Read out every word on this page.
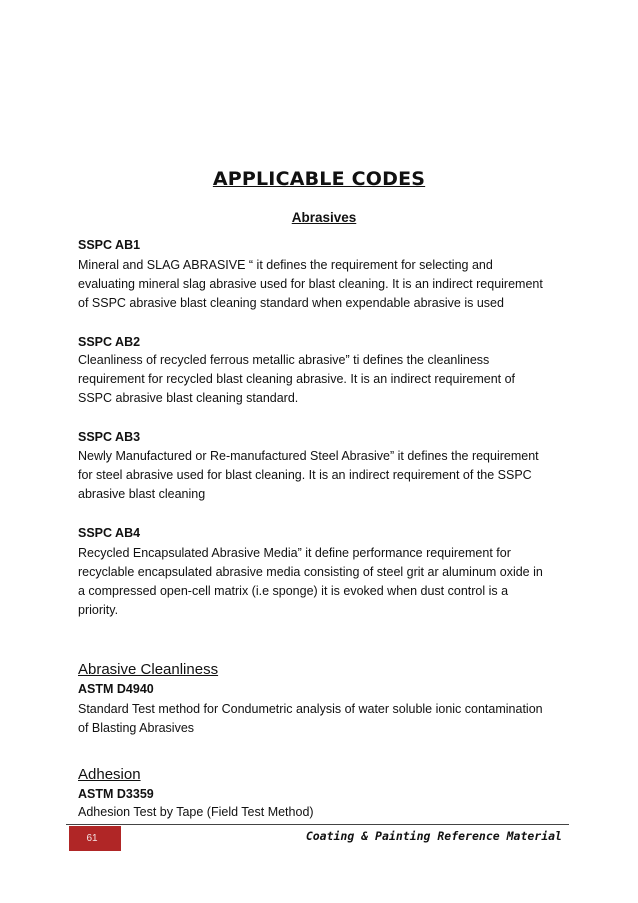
APPLICABLE CODES
Abrasives
SSPC AB1
Mineral and SLAG ABRASIVE “ it defines the requirement for selecting and
evaluating mineral slag abrasive used for blast cleaning. It is an indirect requirement
of SSPC abrasive blast cleaning standard when expendable abrasive is used
SSPC AB2
Cleanliness of recycled ferrous metallic abrasive” ti defines the cleanliness
requirement for recycled blast cleaning abrasive. It is an indirect requirement of
SSPC abrasive blast cleaning standard.
SSPC AB3
Newly Manufactured or Re-manufactured Steel Abrasive” it defines the requirement
for steel abrasive used for blast cleaning. It is an indirect requirement of the SSPC
abrasive blast cleaning
SSPC AB4
Recycled Encapsulated Abrasive Media” it define performance requirement for
recyclable encapsulated abrasive media consisting of steel grit ar aluminum oxide in
a compressed open-cell matrix (i.e sponge) it is evoked when dust control is a
priority.
Abrasive Cleanliness
ASTM D4940
Standard Test method for Condumetric analysis of water soluble ionic contamination
of Blasting Abrasives
Adhesion
ASTM D3359
Adhesion Test by Tape (Field Test Method)
61	Coating & Painting Reference Material
